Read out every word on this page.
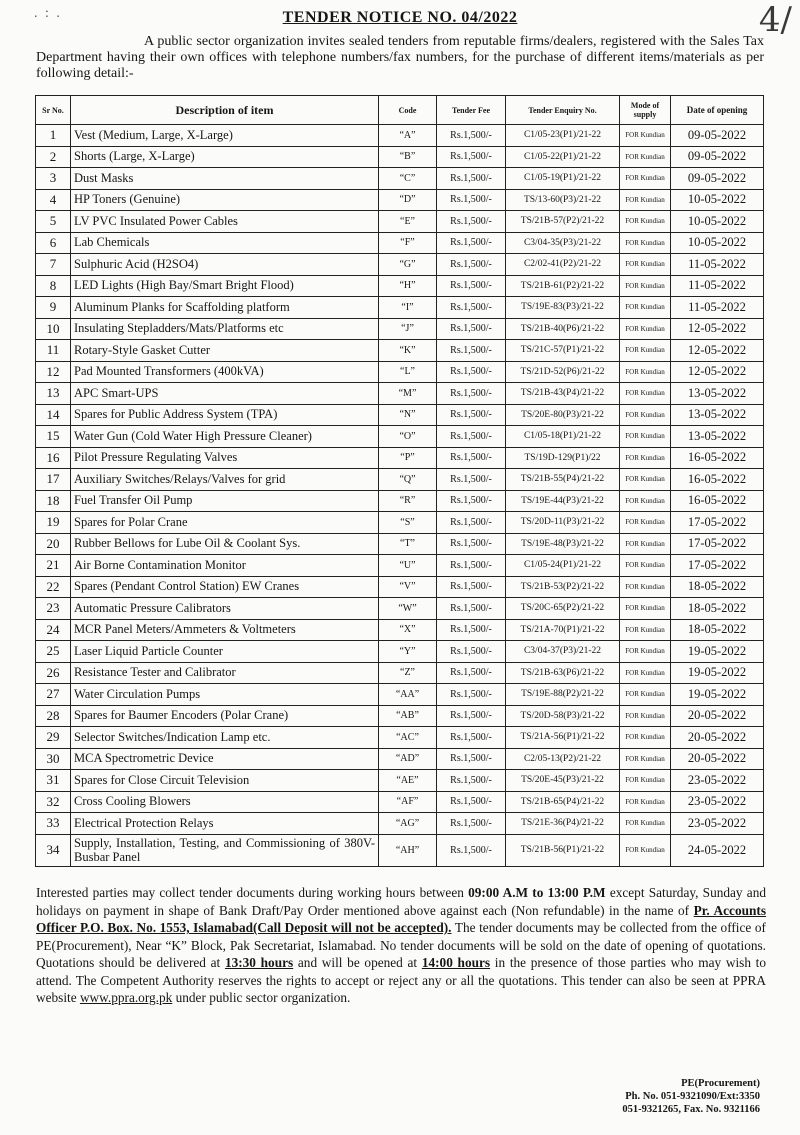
. : .	4/
TENDER NOTICE NO. 04/2022
A public sector organization invites sealed tenders from reputable firms/dealers, registered with the Sales Tax Department having their own offices with telephone numbers/fax numbers, for the purchase of different items/materials as per following detail:-
Sr No.	Description of item	Code	Tender Fee	Tender Enquiry No.	Mode of supply	Date of opening
1	Vest (Medium, Large, X-Large)	“A”	Rs.1,500/-	C1/05-23(P1)/21-22	FOR Kundian	09-05-2022
2	Shorts (Large, X-Large)	“B”	Rs.1,500/-	C1/05-22(P1)/21-22	FOR Kundian	09-05-2022
3	Dust Masks	“C”	Rs.1,500/-	C1/05-19(P1)/21-22	FOR Kundian	09-05-2022
4	HP Toners (Genuine)	“D”	Rs.1,500/-	TS/13-60(P3)/21-22	FOR Kundian	10-05-2022
5	LV PVC Insulated Power Cables	“E”	Rs.1,500/-	TS/21B-57(P2)/21-22	FOR Kundian	10-05-2022
6	Lab Chemicals	“F”	Rs.1,500/-	C3/04-35(P3)/21-22	FOR Kundian	10-05-2022
7	Sulphuric Acid (H2SO4)	“G”	Rs.1,500/-	C2/02-41(P2)/21-22	FOR Kundian	11-05-2022
8	LED Lights (High Bay/Smart Bright Flood)	“H”	Rs.1,500/-	TS/21B-61(P2)/21-22	FOR Kundian	11-05-2022
9	Aluminum Planks for Scaffolding platform	“I”	Rs.1,500/-	TS/19E-83(P3)/21-22	FOR Kundian	11-05-2022
10	Insulating Stepladders/Mats/Platforms etc	“J”	Rs.1,500/-	TS/21B-40(P6)/21-22	FOR Kundian	12-05-2022
11	Rotary-Style Gasket Cutter	“K”	Rs.1,500/-	TS/21C-57(P1)/21-22	FOR Kundian	12-05-2022
12	Pad Mounted Transformers (400kVA)	“L”	Rs.1,500/-	TS/21D-52(P6)/21-22	FOR Kundian	12-05-2022
13	APC Smart-UPS	“M”	Rs.1,500/-	TS/21B-43(P4)/21-22	FOR Kundian	13-05-2022
14	Spares for Public Address System (TPA)	“N”	Rs.1,500/-	TS/20E-80(P3)/21-22	FOR Kundian	13-05-2022
15	Water Gun (Cold Water High Pressure Cleaner)	“O”	Rs.1,500/-	C1/05-18(P1)/21-22	FOR Kundian	13-05-2022
16	Pilot Pressure Regulating Valves	“P”	Rs.1,500/-	TS/19D-129(P1)/22	FOR Kundian	16-05-2022
17	Auxiliary Switches/Relays/Valves for grid	“Q”	Rs.1,500/-	TS/21B-55(P4)/21-22	FOR Kundian	16-05-2022
18	Fuel Transfer Oil Pump	“R”	Rs.1,500/-	TS/19E-44(P3)/21-22	FOR Kundian	16-05-2022
19	Spares for Polar Crane	“S”	Rs.1,500/-	TS/20D-11(P3)/21-22	FOR Kundian	17-05-2022
20	Rubber Bellows for Lube Oil & Coolant Sys.	“T”	Rs.1,500/-	TS/19E-48(P3)/21-22	FOR Kundian	17-05-2022
21	Air Borne Contamination Monitor	“U”	Rs.1,500/-	C1/05-24(P1)/21-22	FOR Kundian	17-05-2022
22	Spares (Pendant Control Station) EW Cranes	“V”	Rs.1,500/-	TS/21B-53(P2)/21-22	FOR Kundian	18-05-2022
23	Automatic Pressure Calibrators	“W”	Rs.1,500/-	TS/20C-65(P2)/21-22	FOR Kundian	18-05-2022
24	MCR Panel Meters/Ammeters & Voltmeters	“X”	Rs.1,500/-	TS/21A-70(P1)/21-22	FOR Kundian	18-05-2022
25	Laser Liquid Particle Counter	“Y”	Rs.1,500/-	C3/04-37(P3)/21-22	FOR Kundian	19-05-2022
26	Resistance Tester and Calibrator	“Z”	Rs.1,500/-	TS/21B-63(P6)/21-22	FOR Kundian	19-05-2022
27	Water Circulation Pumps	“AA”	Rs.1,500/-	TS/19E-88(P2)/21-22	FOR Kundian	19-05-2022
28	Spares for Baumer Encoders (Polar Crane)	“AB”	Rs.1,500/-	TS/20D-58(P3)/21-22	FOR Kundian	20-05-2022
29	Selector Switches/Indication Lamp etc.	“AC”	Rs.1,500/-	TS/21A-56(P1)/21-22	FOR Kundian	20-05-2022
30	MCA Spectrometric Device	“AD”	Rs.1,500/-	C2/05-13(P2)/21-22	FOR Kundian	20-05-2022
31	Spares for Close Circuit Television	“AE”	Rs.1,500/-	TS/20E-45(P3)/21-22	FOR Kundian	23-05-2022
32	Cross Cooling Blowers	“AF”	Rs.1,500/-	TS/21B-65(P4)/21-22	FOR Kundian	23-05-2022
33	Electrical Protection Relays	“AG”	Rs.1,500/-	TS/21E-36(P4)/21-22	FOR Kundian	23-05-2022
34	Supply, Installation, Testing, and Commissioning of 380V-Busbar Panel	“AH”	Rs.1,500/-	TS/21B-56(P1)/21-22	FOR Kundian	24-05-2022
Interested parties may collect tender documents during working hours between 09:00 A.M to 13:00 P.M except Saturday, Sunday and holidays on payment in shape of Bank Draft/Pay Order mentioned above against each (Non refundable) in the name of Pr. Accounts Officer P.O. Box. No. 1553, Islamabad(Call Deposit will not be accepted). The tender documents may be collected from the office of PE(Procurement), Near “K” Block, Pak Secretariat, Islamabad. No tender documents will be sold on the date of opening of quotations. Quotations should be delivered at 13:30 hours and will be opened at 14:00 hours in the presence of those parties who may wish to attend. The Competent Authority reserves the rights to accept or reject any or all the quotations. This tender can also be seen at PPRA website www.ppra.org.pk under public sector organization.
PE(Procurement)
Ph. No. 051-9321090/Ext:3350
051-9321265, Fax. No. 9321166
